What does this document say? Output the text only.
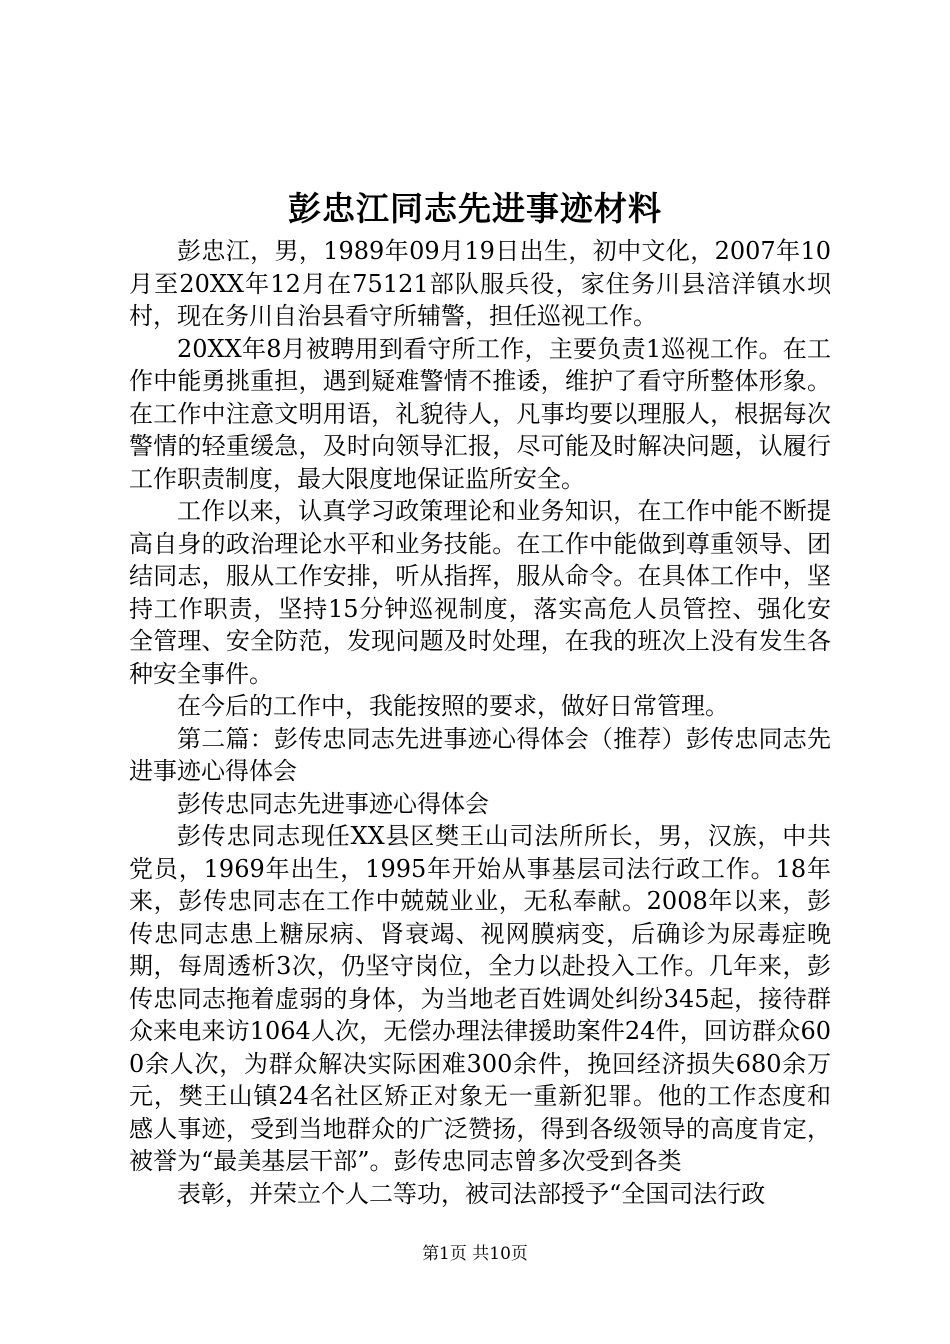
彭忠江同志先进事迹材料

彭忠江，男，1989年09月19日出生，初中文化，2007年10月至20XX年12月在75121部队服兵役，家住务川县涪洋镇水坝村，现在务川自治县看守所辅警，担任巡视工作。

20XX年8月被聘用到看守所工作，主要负责1巡视工作。在工作中能勇挑重担，遇到疑难警情不推诿，维护了看守所整体形象。在工作中注意文明用语，礼貌待人，凡事均要以理服人，根据每次警情的轻重缓急，及时向领导汇报，尽可能及时解决问题，认履行工作职责制度，最大限度地保证监所安全。

工作以来，认真学习政策理论和业务知识，在工作中能不断提高自身的政治理论水平和业务技能。在工作中能做到尊重领导、团结同志，服从工作安排，听从指挥，服从命令。在具体工作中，坚持工作职责，坚持15分钟巡视制度，落实高危人员管控、强化安全管理、安全防范，发现问题及时处理，在我的班次上没有发生各种安全事件。

在今后的工作中，我能按照的要求，做好日常管理。

第二篇：彭传忠同志先进事迹心得体会（推荐）彭传忠同志先进事迹心得体会

彭传忠同志先进事迹心得体会

彭传忠同志现任XX县区樊王山司法所所长，男，汉族，中共党员，1969年出生，1995年开始从事基层司法行政工作。18年来，彭传忠同志在工作中兢兢业业，无私奉献。2008年以来，彭传忠同志患上糖尿病、肾衰竭、视网膜病变，后确诊为尿毒症晚期，每周透析3次，仍坚守岗位，全力以赴投入工作。几年来，彭传忠同志拖着虚弱的身体，为当地老百姓调处纠纷345起，接待群众来电来访1064人次，无偿办理法律援助案件24件，回访群众600余人次，为群众解决实际困难300余件，挽回经济损失680余万元，樊王山镇24名社区矫正对象无一重新犯罪。他的工作态度和感人事迹，受到当地群众的广泛赞扬，得到各级领导的高度肯定，被誉为“最美基层干部”。彭传忠同志曾多次受到各类

表彰，并荣立个人二等功，被司法部授予“全国司法行政

第1页 共10页
